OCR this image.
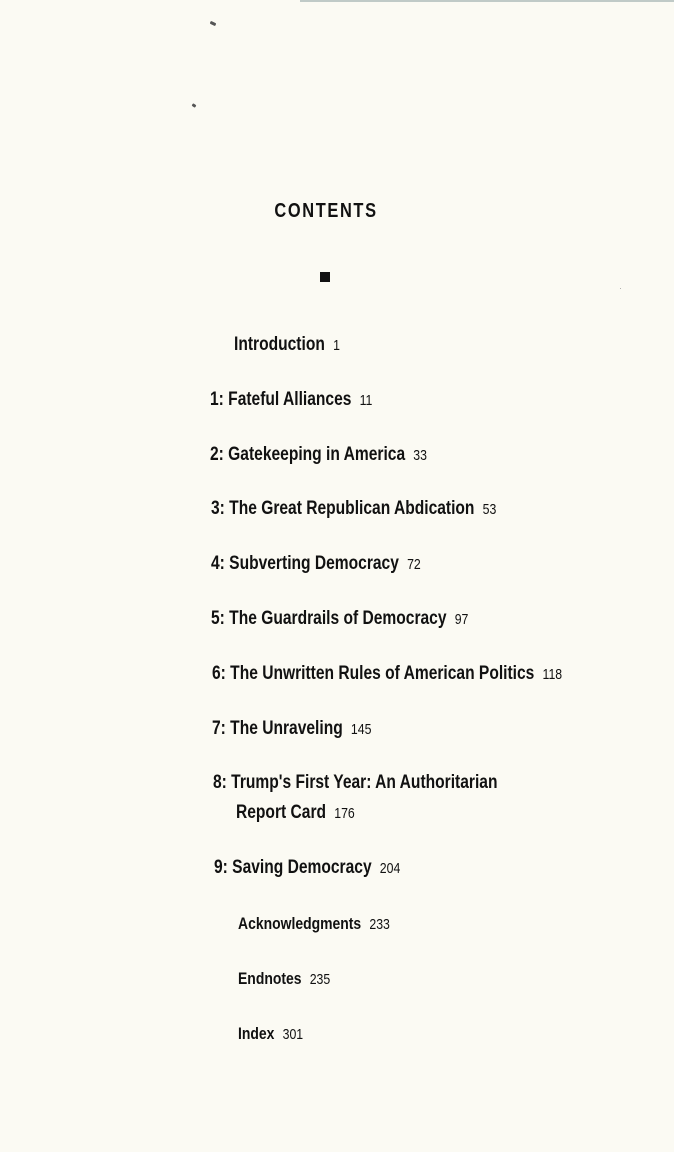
CONTENTS
Introduction 1
1: Fateful Alliances 11
2: Gatekeeping in America 33
3: The Great Republican Abdication 53
4: Subverting Democracy 72
5: The Guardrails of Democracy 97
6: The Unwritten Rules of American Politics 118
7: The Unraveling 145
8: Trump's First Year: An Authoritarian
Report Card 176
9: Saving Democracy 204
Acknowledgments 233
Endnotes 235
Index 301
